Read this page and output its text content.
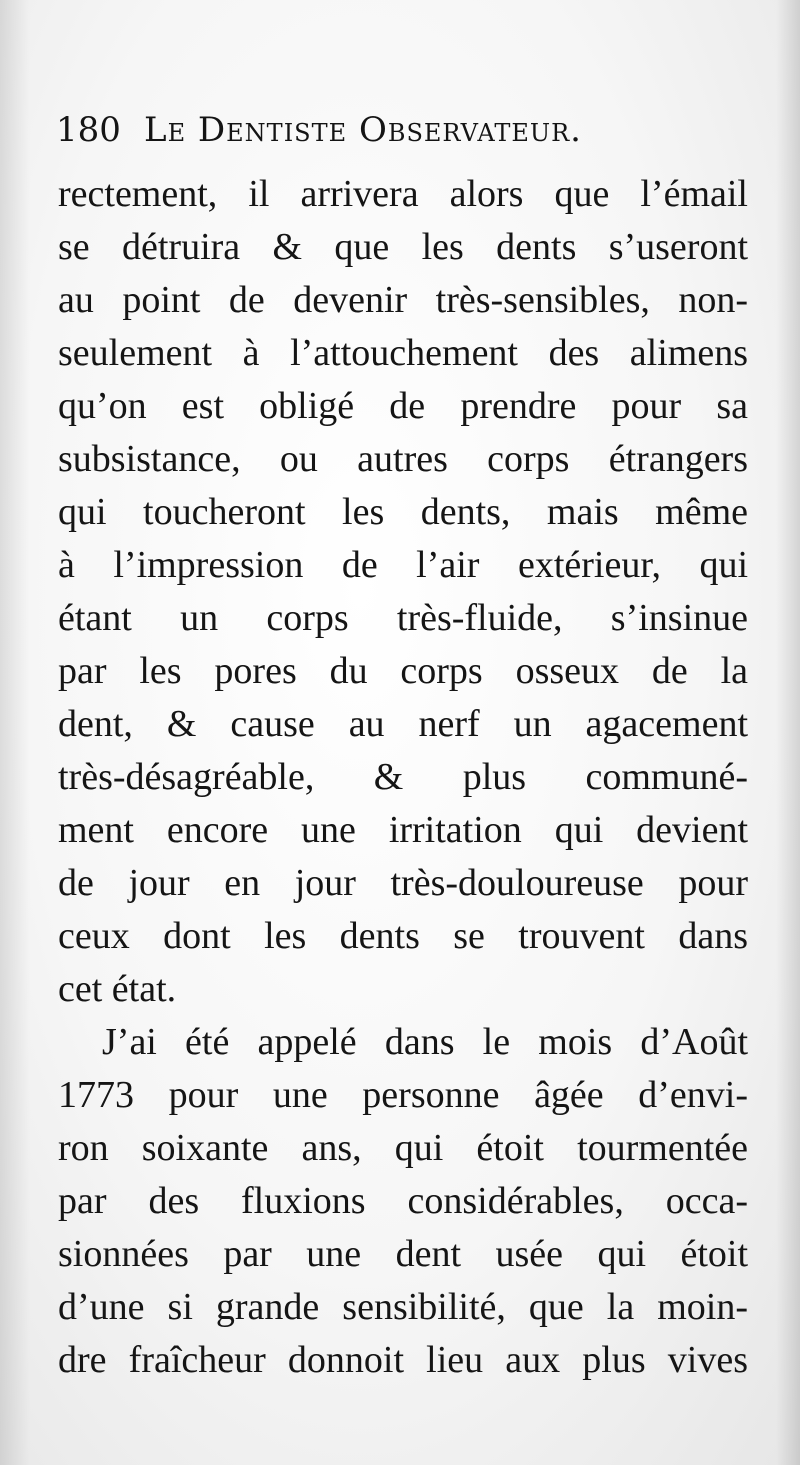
180 Le Dentiste Observateur.
rectement, il arrivera alors que l’émail
se détruira & que les dents s’useront
au point de devenir très-sensibles, non-
seulement à l’attouchement des alimens
qu’on est obligé de prendre pour sa
subsistance, ou autres corps étrangers
qui toucheront les dents, mais même
à l’impression de l’air extérieur, qui
étant un corps très-fluide, s’insinue
par les pores du corps osseux de la
dent, & cause au nerf un agacement
très-désagréable, & plus communé-
ment encore une irritation qui devient
de jour en jour très-douloureuse pour
ceux dont les dents se trouvent dans
cet état.
J’ai été appelé dans le mois d’Août
1773 pour une personne âgée d’envi-
ron soixante ans, qui étoit tourmentée
par des fluxions considérables, occa-
sionnées par une dent usée qui étoit
d’une si grande sensibilité, que la moin-
dre fraîcheur donnoit lieu aux plus vives
